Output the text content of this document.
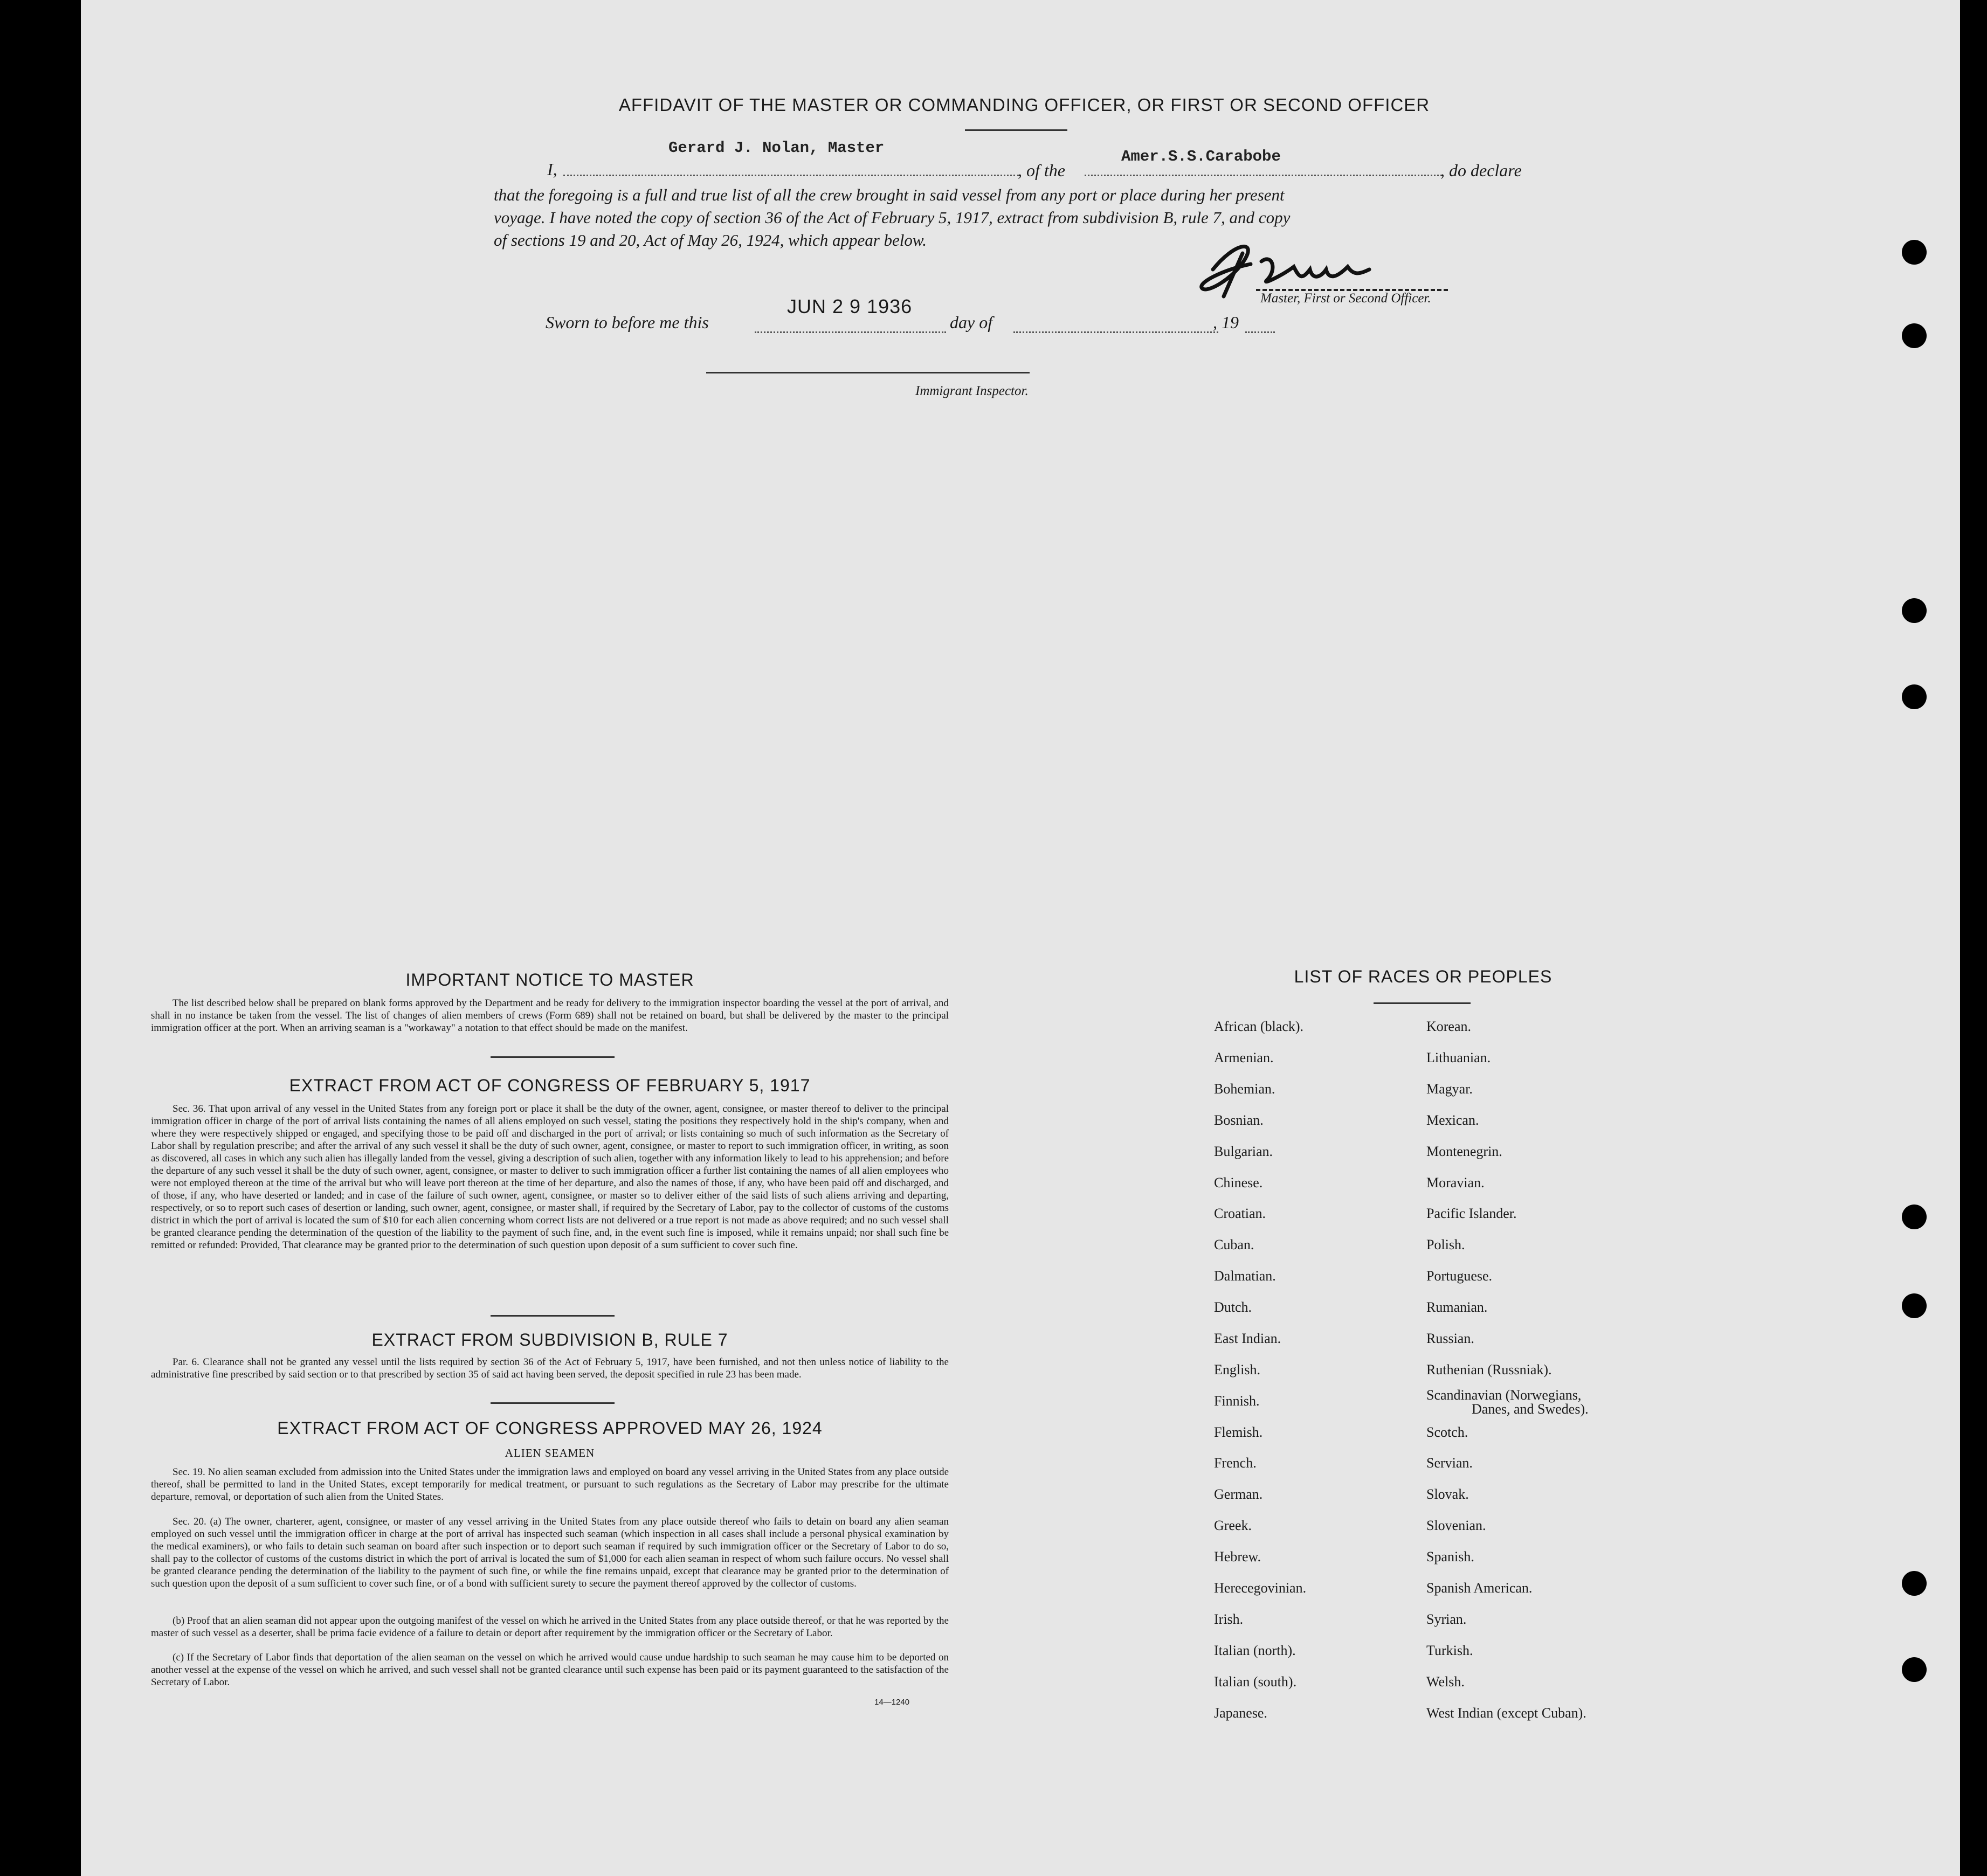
AFFIDAVIT OF THE MASTER OR COMMANDING OFFICER, OR FIRST OR SECOND OFFICER
I,
Gerard J. Nolan, Master
, of the
Amer.S.S.Carabobe
, do declare
that the foregoing is a full and true list of all the crew brought in said vessel from any port or place during her present
voyage. I have noted the copy of section 36 of the Act of February 5, 1917, extract from subdivision B, rule 7, and copy
of sections 19 and 20, Act of May 26, 1924, which appear below.
Master, First or Second Officer.
Sworn to before me this
JUN 2 9 1936
day of	, 19
Immigrant Inspector.
IMPORTANT NOTICE TO MASTER
The list described below shall be prepared on blank forms approved by the Department and be ready for delivery to the immigration inspector boarding the vessel at the port of arrival, and shall in no instance be taken from the vessel. The list of changes of alien members of crews (Form 689) shall not be retained on board, but shall be delivered by the master to the principal immigration officer at the port. When an arriving seaman is a "workaway" a notation to that effect should be made on the manifest.
EXTRACT FROM ACT OF CONGRESS OF FEBRUARY 5, 1917
Sec. 36. That upon arrival of any vessel in the United States from any foreign port or place it shall be the duty of the owner, agent, consignee, or master thereof to deliver to the principal immigration officer in charge of the port of arrival lists containing the names of all aliens employed on such vessel, stating the positions they respectively hold in the ship's company, when and where they were respectively shipped or engaged, and specifying those to be paid off and discharged in the port of arrival; or lists containing so much of such information as the Secretary of Labor shall by regulation prescribe; and after the arrival of any such vessel it shall be the duty of such owner, agent, consignee, or master to report to such immigration officer, in writing, as soon as discovered, all cases in which any such alien has illegally landed from the vessel, giving a description of such alien, together with any information likely to lead to his apprehension; and before the departure of any such vessel it shall be the duty of such owner, agent, consignee, or master to deliver to such immigration officer a further list containing the names of all alien employees who were not employed thereon at the time of the arrival but who will leave port thereon at the time of her departure, and also the names of those, if any, who have been paid off and discharged, and of those, if any, who have deserted or landed; and in case of the failure of such owner, agent, consignee, or master so to deliver either of the said lists of such aliens arriving and departing, respectively, or so to report such cases of desertion or landing, such owner, agent, consignee, or master shall, if required by the Secretary of Labor, pay to the collector of customs of the customs district in which the port of arrival is located the sum of $10 for each alien concerning whom correct lists are not delivered or a true report is not made as above required; and no such vessel shall be granted clearance pending the determination of the question of the liability to the payment of such fine, and, in the event such fine is imposed, while it remains unpaid; nor shall such fine be remitted or refunded: Provided, That clearance may be granted prior to the determination of such question upon deposit of a sum sufficient to cover such fine.
EXTRACT FROM SUBDIVISION B, RULE 7
Par. 6. Clearance shall not be granted any vessel until the lists required by section 36 of the Act of February 5, 1917, have been furnished, and not then unless notice of liability to the administrative fine prescribed by said section or to that prescribed by section 35 of said act having been served, the deposit specified in rule 23 has been made.
EXTRACT FROM ACT OF CONGRESS APPROVED MAY 26, 1924
ALIEN SEAMEN
Sec. 19. No alien seaman excluded from admission into the United States under the immigration laws and employed on board any vessel arriving in the United States from any place outside thereof, shall be permitted to land in the United States, except temporarily for medical treatment, or pursuant to such regulations as the Secretary of Labor may prescribe for the ultimate departure, removal, or deportation of such alien from the United States.
Sec. 20. (a) The owner, charterer, agent, consignee, or master of any vessel arriving in the United States from any place outside thereof who fails to detain on board any alien seaman employed on such vessel until the immigration officer in charge at the port of arrival has inspected such seaman (which inspection in all cases shall include a personal physical examination by the medical examiners), or who fails to detain such seaman on board after such inspection or to deport such seaman if required by such immigration officer or the Secretary of Labor to do so, shall pay to the collector of customs of the customs district in which the port of arrival is located the sum of $1,000 for each alien seaman in respect of whom such failure occurs. No vessel shall be granted clearance pending the determination of the liability to the payment of such fine, or while the fine remains unpaid, except that clearance may be granted prior to the determination of such question upon the deposit of a sum sufficient to cover such fine, or of a bond with sufficient surety to secure the payment thereof approved by the collector of customs.
(b) Proof that an alien seaman did not appear upon the outgoing manifest of the vessel on which he arrived in the United States from any place outside thereof, or that he was reported by the master of such vessel as a deserter, shall be prima facie evidence of a failure to detain or deport after requirement by the immigration officer or the Secretary of Labor.
(c) If the Secretary of Labor finds that deportation of the alien seaman on the vessel on which he arrived would cause undue hardship to such seaman he may cause him to be deported on another vessel at the expense of the vessel on which he arrived, and such vessel shall not be granted clearance until such expense has been paid or its payment guaranteed to the satisfaction of the Secretary of Labor.
14—1240
LIST OF RACES OR PEOPLES
African (black).
Armenian.
Bohemian.
Bosnian.
Bulgarian.
Chinese.
Croatian.
Cuban.
Dalmatian.
Dutch.
East Indian.
English.
Finnish.
Flemish.
French.
German.
Greek.
Hebrew.
Herecegovinian.
Irish.
Italian (north).
Italian (south).
Japanese.
Korean.
Lithuanian.
Magyar.
Mexican.
Montenegrin.
Moravian.
Pacific Islander.
Polish.
Portuguese.
Rumanian.
Russian.
Ruthenian (Russniak).
Scandinavian (Norwegians,
Danes, and Swedes).
Scotch.
Servian.
Slovak.
Slovenian.
Spanish.
Spanish American.
Syrian.
Turkish.
Welsh.
West Indian (except Cuban).
